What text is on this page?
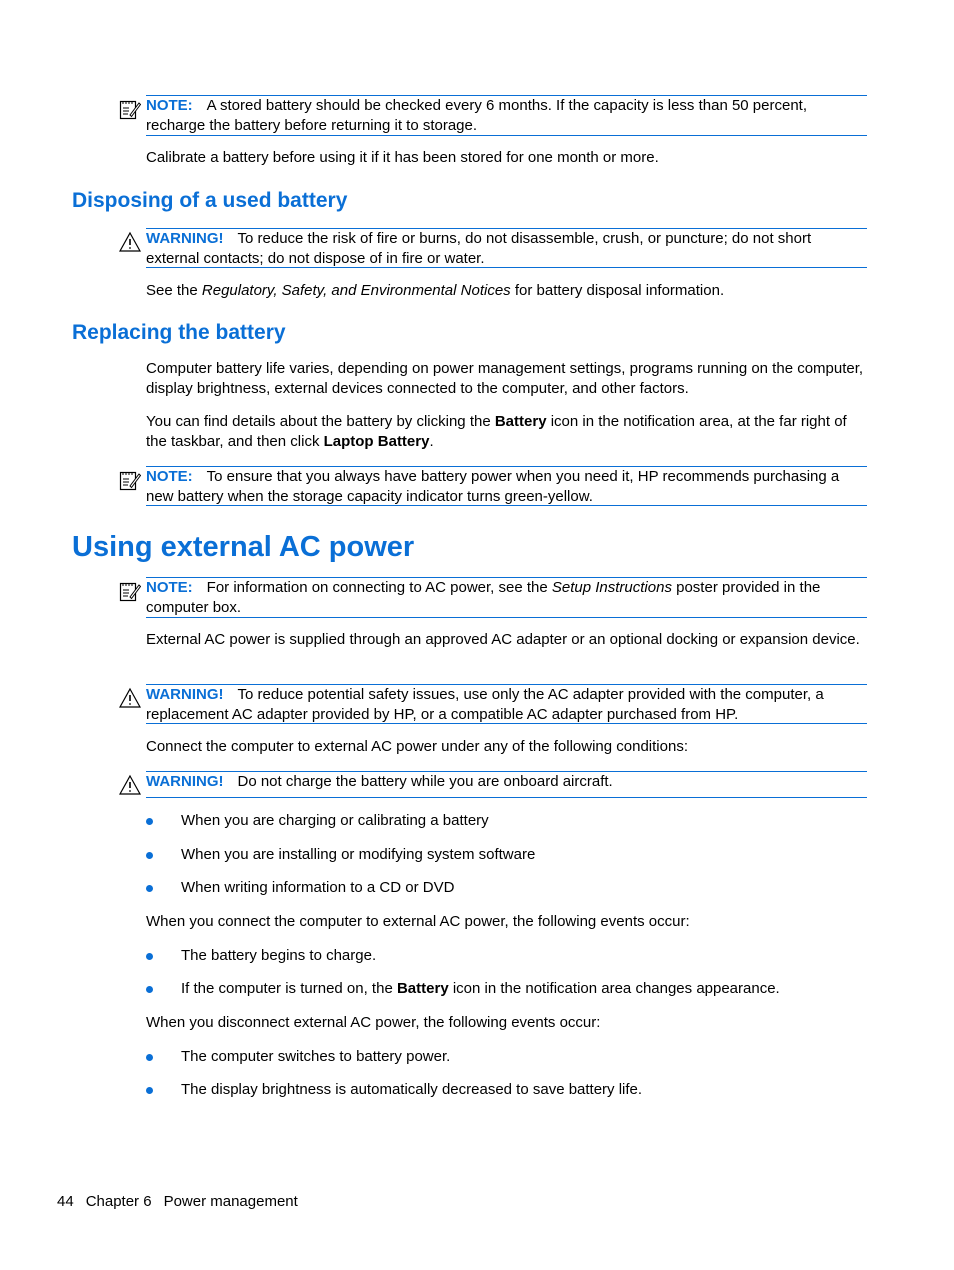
NOTE: A stored battery should be checked every 6 months. If the capacity is less than 50 percent, recharge the battery before returning it to storage.

Calibrate a battery before using it if it has been stored for one month or more.

Disposing of a used battery
WARNING! To reduce the risk of fire or burns, do not disassemble, crush, or puncture; do not short external contacts; do not dispose of in fire or water.

See the Regulatory, Safety, and Environmental Notices for battery disposal information.

Replacing the battery

Computer battery life varies, depending on power management settings, programs running on the computer, display brightness, external devices connected to the computer, and other factors.

You can find details about the battery by clicking the Battery icon in the notification area, at the far right of the taskbar, and then click Laptop Battery.

NOTE: To ensure that you always have battery power when you need it, HP recommends purchasing a new battery when the storage capacity indicator turns green-yellow.
Using external AC power
NOTE: For information on connecting to AC power, see the Setup Instructions poster provided in the computer box.

External AC power is supplied through an approved AC adapter or an optional docking or expansion device.

WARNING! To reduce potential safety issues, use only the AC adapter provided with the computer, a replacement AC adapter provided by HP, or a compatible AC adapter purchased from HP.

Connect the computer to external AC power under any of the following conditions:

WARNING! Do not charge the battery while you are onboard aircraft.
When you are charging or calibrating a battery
When you are installing or modifying system software
When writing information to a CD or DVD

When you connect the computer to external AC power, the following events occur:

The battery begins to charge.
If the computer is turned on, the Battery icon in the notification area changes appearance.

When you disconnect external AC power, the following events occur:

The computer switches to battery power.
The display brightness is automatically decreased to save battery life.
44 Chapter 6 Power management
